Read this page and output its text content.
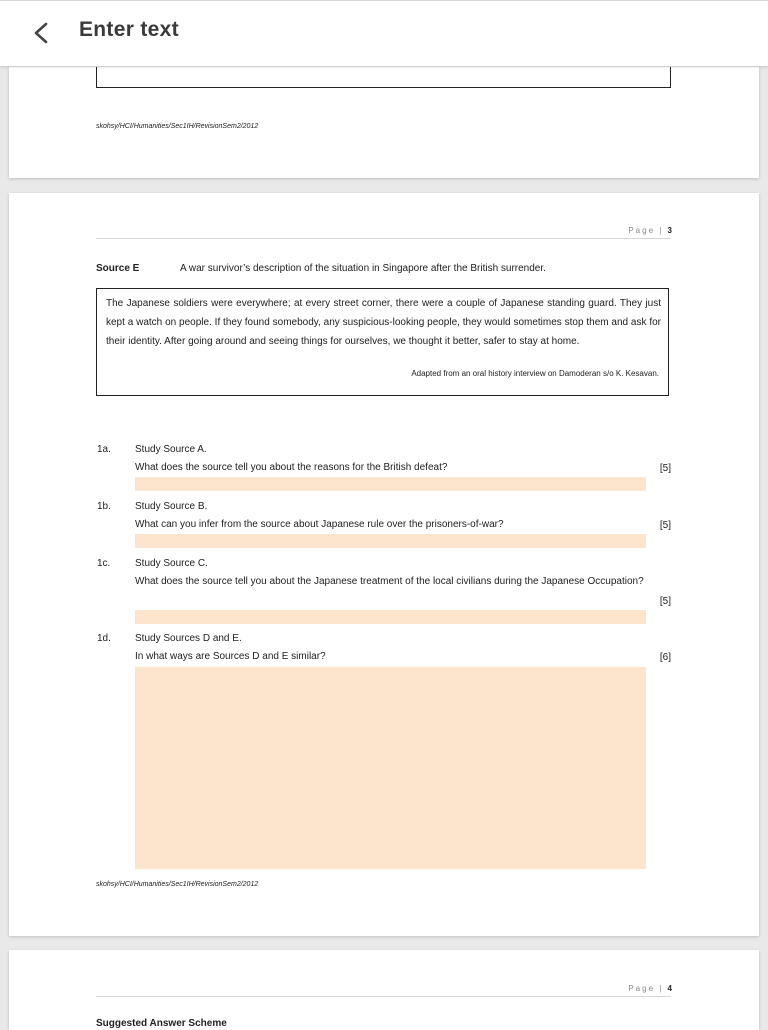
Enter text
skohsy/HCI/Humanities/Sec1IH/RevisionSem2/2012
Page | 3
Source E	A war survivor’s description of the situation in Singapore after the British surrender.
The Japanese soldiers were everywhere; at every street corner, there were a couple of Japanese standing guard. They just kept a watch on people. If they found somebody, any suspicious-looking people, they would sometimes stop them and ask for their identity. After going around and seeing things for ourselves, we thought it better, safer to stay at home.
Adapted from an oral history interview on Damoderan s/o K. Kesavan.
1a. Study Source A.
What does the source tell you about the reasons for the British defeat?	[5]
1b. Study Source B.
What can you infer from the source about Japanese rule over the prisoners-of-war?	[5]
1c. Study Source C.
What does the source tell you about the Japanese treatment of the local civilians during the Japanese Occupation?
[5]
1d. Study Sources D and E.
In what ways are Sources D and E similar?	[6]
skohsy/HCI/Humanities/Sec1IH/RevisionSem2/2012
Page | 4
Suggested Answer Scheme
